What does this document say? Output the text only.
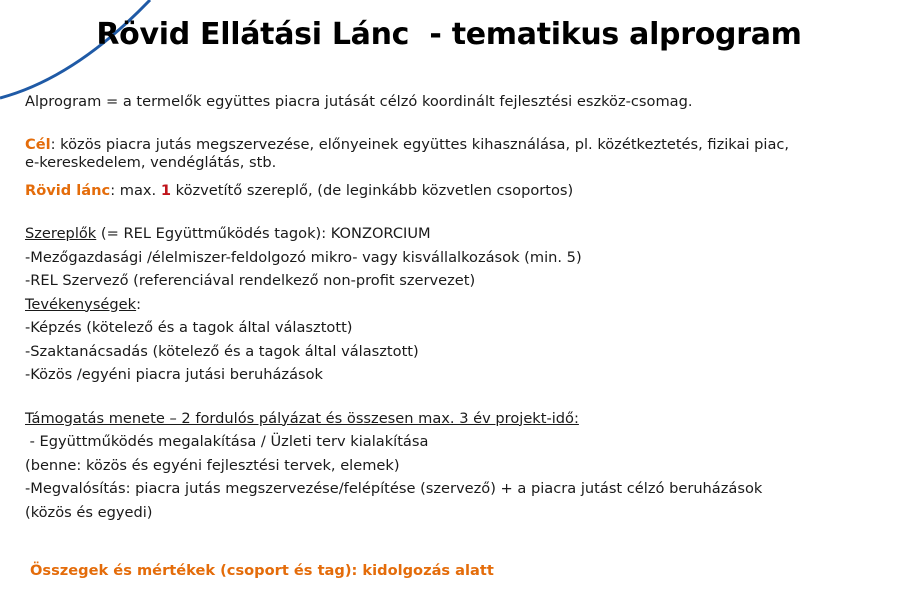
Rövid Ellátási Lánc  - tematikus alprogram
Alprogram = a termelők együttes piacra jutását célzó koordinált fejlesztési eszköz-csomag.
Cél: közös piacra jutás megszervezése, előnyeinek együttes kihasználása, pl. közétkeztetés, fizikai piac,
e-kereskedelem, vendéglátás, stb.
Rövid lánc: max. 1 közvetítő szereplő, (de leginkább közvetlen csoportos)
Szereplők (= REL Együttműködés tagok): KONZORCIUM
-Mezőgazdasági /élelmiszer-feldolgozó mikro- vagy kisvállalkozások (min. 5)
-REL Szervező (referenciával rendelkező non-profit szervezet)
Tevékenységek:
-Képzés (kötelező és a tagok által választott)
-Szaktanácsadás (kötelező és a tagok által választott)
-Közös /egyéni piacra jutási beruházások
Támogatás menete – 2 fordulós pályázat és összesen max. 3 év projekt-idő:
- Együttműködés megalakítása / Üzleti terv kialakítása
(benne: közös és egyéni fejlesztési tervek, elemek)
-Megvalósítás: piacra jutás megszervezése/felépítése (szervező) + a piacra jutást célzó beruházások
(közös és egyedi)
Összegek és mértékek (csoport és tag): kidolgozás alatt
